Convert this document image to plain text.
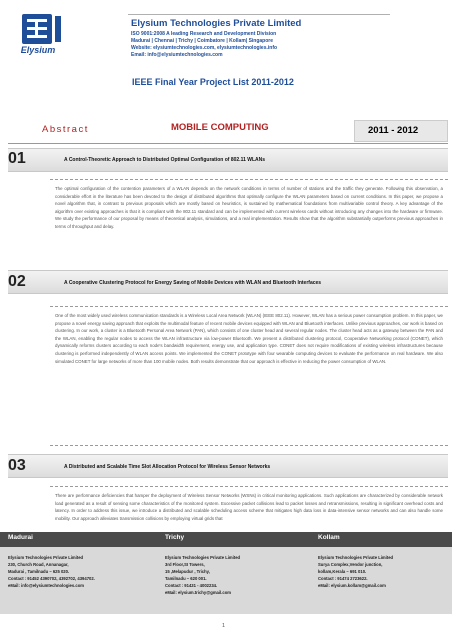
Elysium
Elysium Technologies Private Limited
ISO 9001:2008 A leading Research and Development Division
Madurai | Chennai | Trichy | Coimbatore | Kollam| Singapore
Website: elysiumtechnologies.com, elysiumtechnologies.info
Email: info@elysiumtechnologies.com
IEEE Final Year Project List 2011-2012
Abstract	MOBILE COMPUTING	2011 - 2012
01	A Control-Theoretic Approach to Distributed Optimal Configuration of 802.11 WLANs

The optimal configuration of the contention parameters of a WLAN depends on the network conditions in terms of number of stations and the traffic they generate. Following this observation, a considerable effort in the literature has been devoted to the design of distributed algorithms that optimally configure the WLAN parameters based on current conditions. In this paper, we propose a novel algorithm that, in contrast to previous proposals which are mostly based on heuristics, is sustained by mathematical foundations from multivariable control theory. A key advantage of the algorithm over existing approaches is that it is compliant with the 802.11 standard and can be implemented with current wireless cards without introducing any changes into the hardware or firmware. We study the performance of our proposal by means of theoretical analysis, simulations, and a real implementation. Results show that the algorithm substantially outperforms previous approaches in terms of throughput and delay.

02	A Cooperative Clustering Protocol for Energy Saving of Mobile Devices with WLAN and Bluetooth Interfaces

One of the most widely used wireless communication standards is a Wireless Local Area Network (WLAN) (IEEE 802.11). However, WLAN has a serious power consumption problem. In this paper, we propose a novel energy saving approach that exploits the multimodal feature of recent mobile devices equipped with WLAN and Bluetooth interfaces. Unlike previous approaches, our work is based on clustering. In our work, a cluster is a Bluetooth Personal Area Network (PAN), which consists of one cluster head and several regular nodes. The cluster head acts as a gateway between the PAN and the WLAN, enabling the regular nodes to access the WLAN infrastructure via low-power Bluetooth. We present a distributed clustering protocol, Cooperative Networking protocol (CONET), which dynamically reforms clusters according to each node's bandwidth requirement, energy use, and application type. CONET does not require modifications of existing wireless infrastructures because clustering is performed independently of WLAN access points. We implemented the CONET prototype with four wearable computing devices to evaluate the performance on real hardware. We also simulated CONET for large networks of more than 100 mobile nodes. Both results demonstrate that our approach is effective in reducing the power consumption of WLAN.

03	A Distributed and Scalable Time Slot Allocation Protocol for Wireless Sensor Networks

There are performance deficiencies that hamper the deployment of Wireless Sensor Networks (WSNs) in critical monitoring applications. Such applications are characterized by considerable network load generated as a result of sensing some characteristics of the monitored system. Excessive packet collisions lead to packet losses and retransmissions, resulting in significant overhead costs and latency. In order to address this issue, we introduce a distributed and scalable scheduling access scheme that mitigates high data loss in data-intensive sensor networks and can also handle some mobility. Our approach alleviates transmission collisions by employing virtual grids that

Madurai	Trichy	Kollam
Elysium Technologies Private Limited
230, Church Road, Annanagar,
Madurai , Tamilnadu – 625 020.
Contact : 91452 4390702, 4392702, 4394702.
eMail: info@elysiumtechnologies.com
Elysium Technologies Private Limited
3rd Floor,SI Towers,
15 ,Melapudur , Trichy,
Tamilnadu – 620 001.
Contact : 91431 - 4002234.
eMail: elysium.trichy@gmail.com
Elysium Technologies Private Limited
Surya Complex,Vendor junction,
kollam,Kerala – 691 010.
Contact : 91474 2723622.
eMail: elysium.kollam@gmail.com
1
